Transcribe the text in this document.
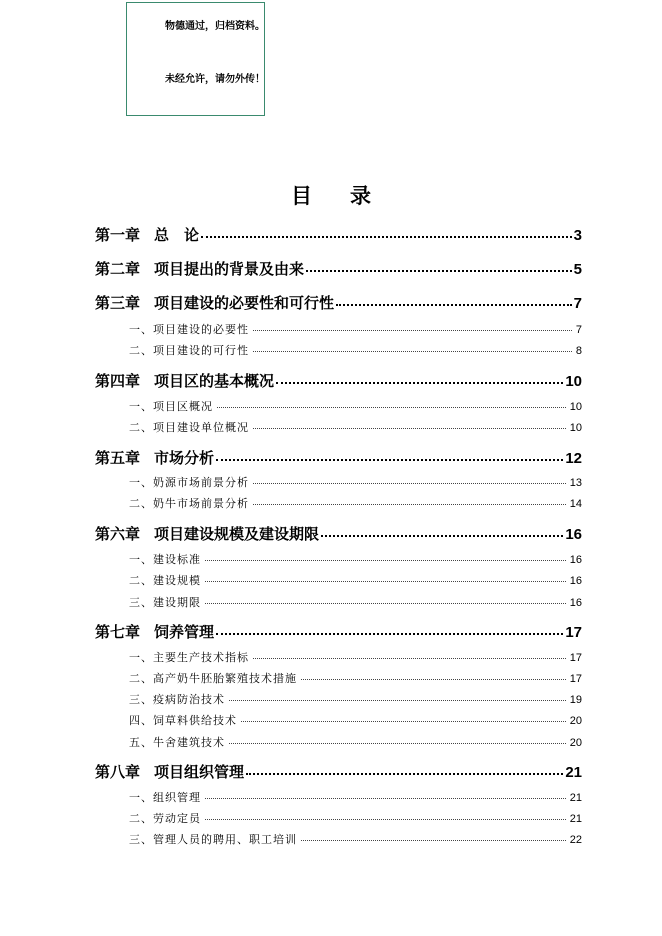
物德通过，归档资料。
未经允许，请勿外传！
目录
第一章 总　论	3
第二章 项目提出的背景及由来	5
第三章 项目建设的必要性和可行性	7
一、项目建设的必要性	7
二、项目建设的可行性	8
第四章 项目区的基本概况	10
一、项目区概况	10
二、项目建设单位概况	10
第五章 市场分析	12
一、奶源市场前景分析	13
二、奶牛市场前景分析	14
第六章 项目建设规模及建设期限	16
一、建设标准	16
二、建设规模	16
三、建设期限	16
第七章 饲养管理	17
一、主要生产技术指标	17
二、高产奶牛胚胎繁殖技术措施	17
三、疫病防治技术	19
四、饲草料供给技术	20
五、牛舍建筑技术	20
第八章 项目组织管理	21
一、组织管理	21
二、劳动定员	21
三、管理人员的聘用、职工培训	22
